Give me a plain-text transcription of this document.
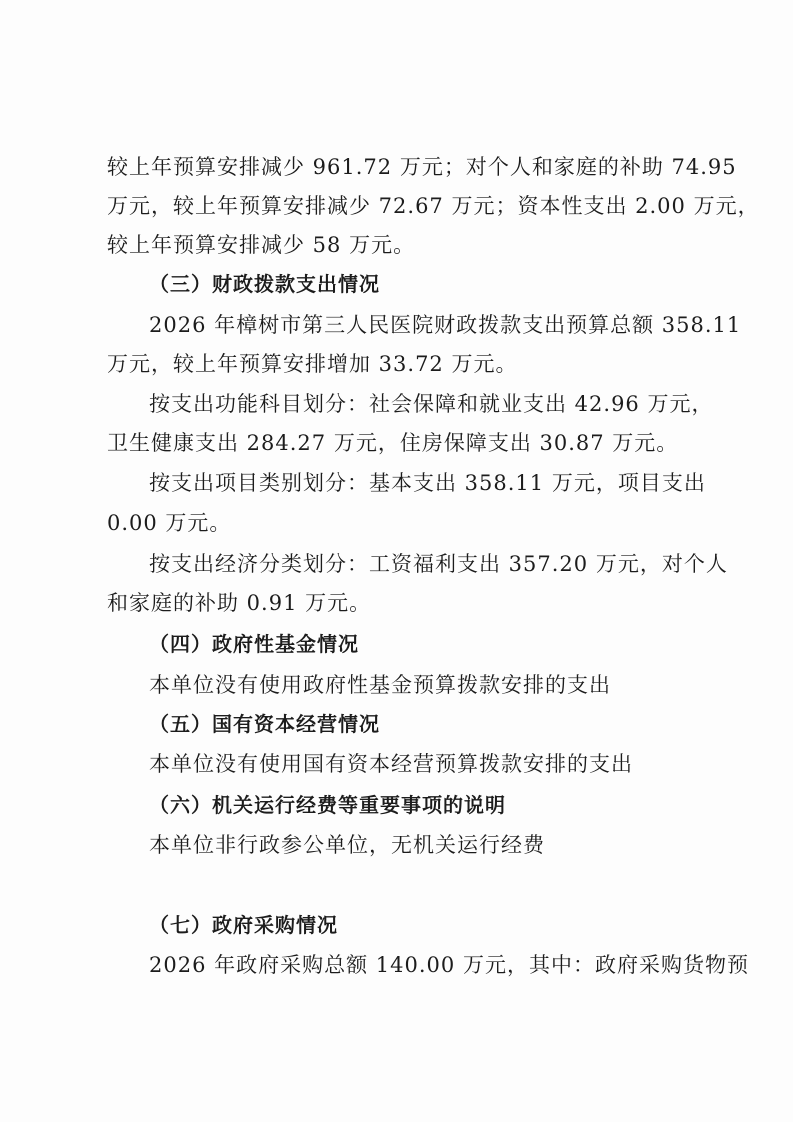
较上年预算安排减少 961.72 万元；对个人和家庭的补助 74.95
万元，较上年预算安排减少 72.67 万元；资本性支出 2.00 万元，
较上年预算安排减少 58 万元。
（三）财政拨款支出情况
2026 年樟树市第三人民医院财政拨款支出预算总额 358.11
万元，较上年预算安排增加 33.72 万元。
按支出功能科目划分：社会保障和就业支出 42.96 万元，
卫生健康支出 284.27 万元，住房保障支出 30.87 万元。
按支出项目类别划分：基本支出 358.11 万元，项目支出
0.00 万元。
按支出经济分类划分：工资福利支出 357.20 万元，对个人
和家庭的补助 0.91 万元。
（四）政府性基金情况
本单位没有使用政府性基金预算拨款安排的支出
（五）国有资本经营情况
本单位没有使用国有资本经营预算拨款安排的支出
（六）机关运行经费等重要事项的说明
本单位非行政参公单位，无机关运行经费
（七）政府采购情况
2026 年政府采购总额 140.00 万元，其中：政府采购货物预
